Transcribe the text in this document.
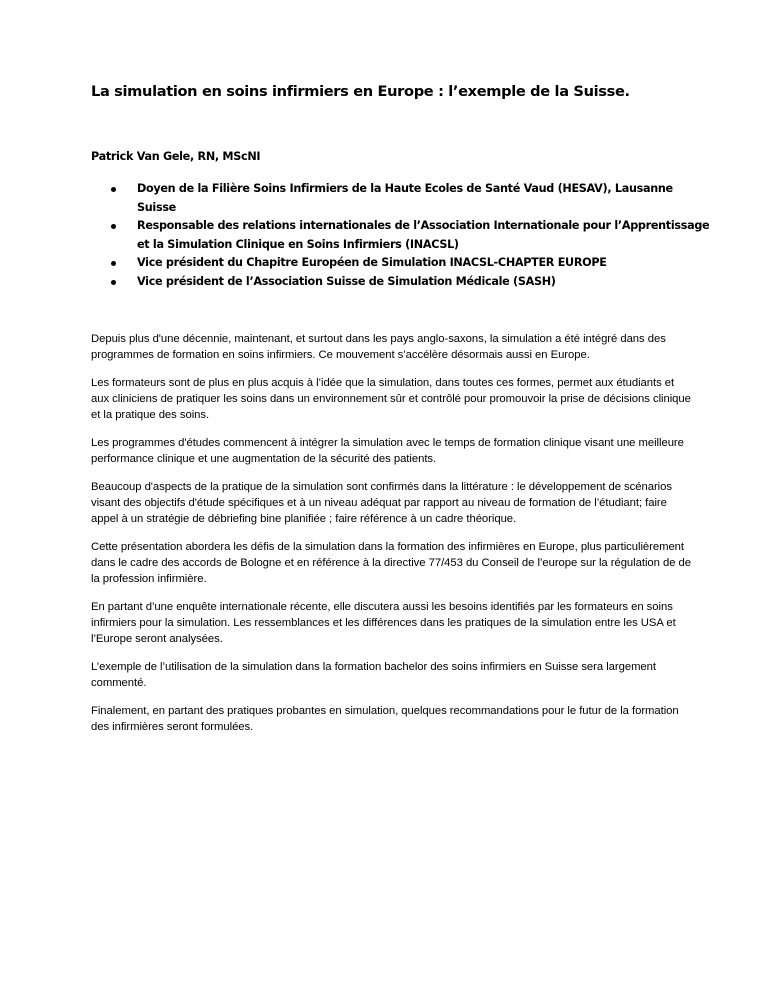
La simulation en soins infirmiers en Europe : l’exemple de la Suisse.

Patrick Van Gele, RN, MScNI

Doyen de la Filière Soins Infirmiers de la Haute Ecoles de Santé Vaud (HESAV), Lausanne Suisse
Responsable des relations internationales de l’Association Internationale pour l’Apprentissage et la Simulation Clinique en Soins Infirmiers (INACSL)
Vice président du Chapitre Européen de Simulation INACSL-CHAPTER EUROPE
Vice président de l’Association Suisse de Simulation Médicale (SASH)

Depuis plus d'une décennie, maintenant, et surtout dans les pays anglo-saxons, la simulation a été intégré dans des programmes de formation en soins infirmiers. Ce mouvement s’accélère désormais aussi en Europe.

Les formateurs sont de plus en plus acquis à l’idée que la simulation, dans toutes ces formes, permet aux étudiants et aux cliniciens de pratiquer les soins dans un environnement sûr et contrôlé pour promouvoir la prise de décisions clinique et la pratique des soins.

Les programmes d'études commencent à intégrer la simulation avec le temps de formation clinique visant une meilleure performance clinique et une augmentation de la sécurité des patients.

Beaucoup d'aspects de la pratique de la simulation sont confirmés dans la littérature : le développement de scénarios visant des objectifs d'étude spécifiques et à un niveau adéquat par rapport au niveau de formation de l’étudiant; faire appel à un stratégie de débriefing bine planifiée ; faire référence à un cadre théorique.

Cette présentation abordera les défis de la simulation dans la formation des infirmières en Europe, plus particulièrement dans le cadre des accords de Bologne et en référence à la directive 77/453 du Conseil de l’europe sur la régulation de de la profession infirmière.

En partant d’une enquête internationale récente, elle discutera aussi les besoins identifiés par les formateurs en soins infirmiers pour la simulation. Les ressemblances et les différences dans les pratiques de la simulation entre les USA et l’Europe seront analysées.

L’exemple de l’utilisation de la simulation dans la formation bachelor des soins infirmiers en Suisse sera largement commenté.

Finalement, en partant des pratiques probantes en simulation, quelques recommandations pour le futur de la formation des infirmières seront formulées.
